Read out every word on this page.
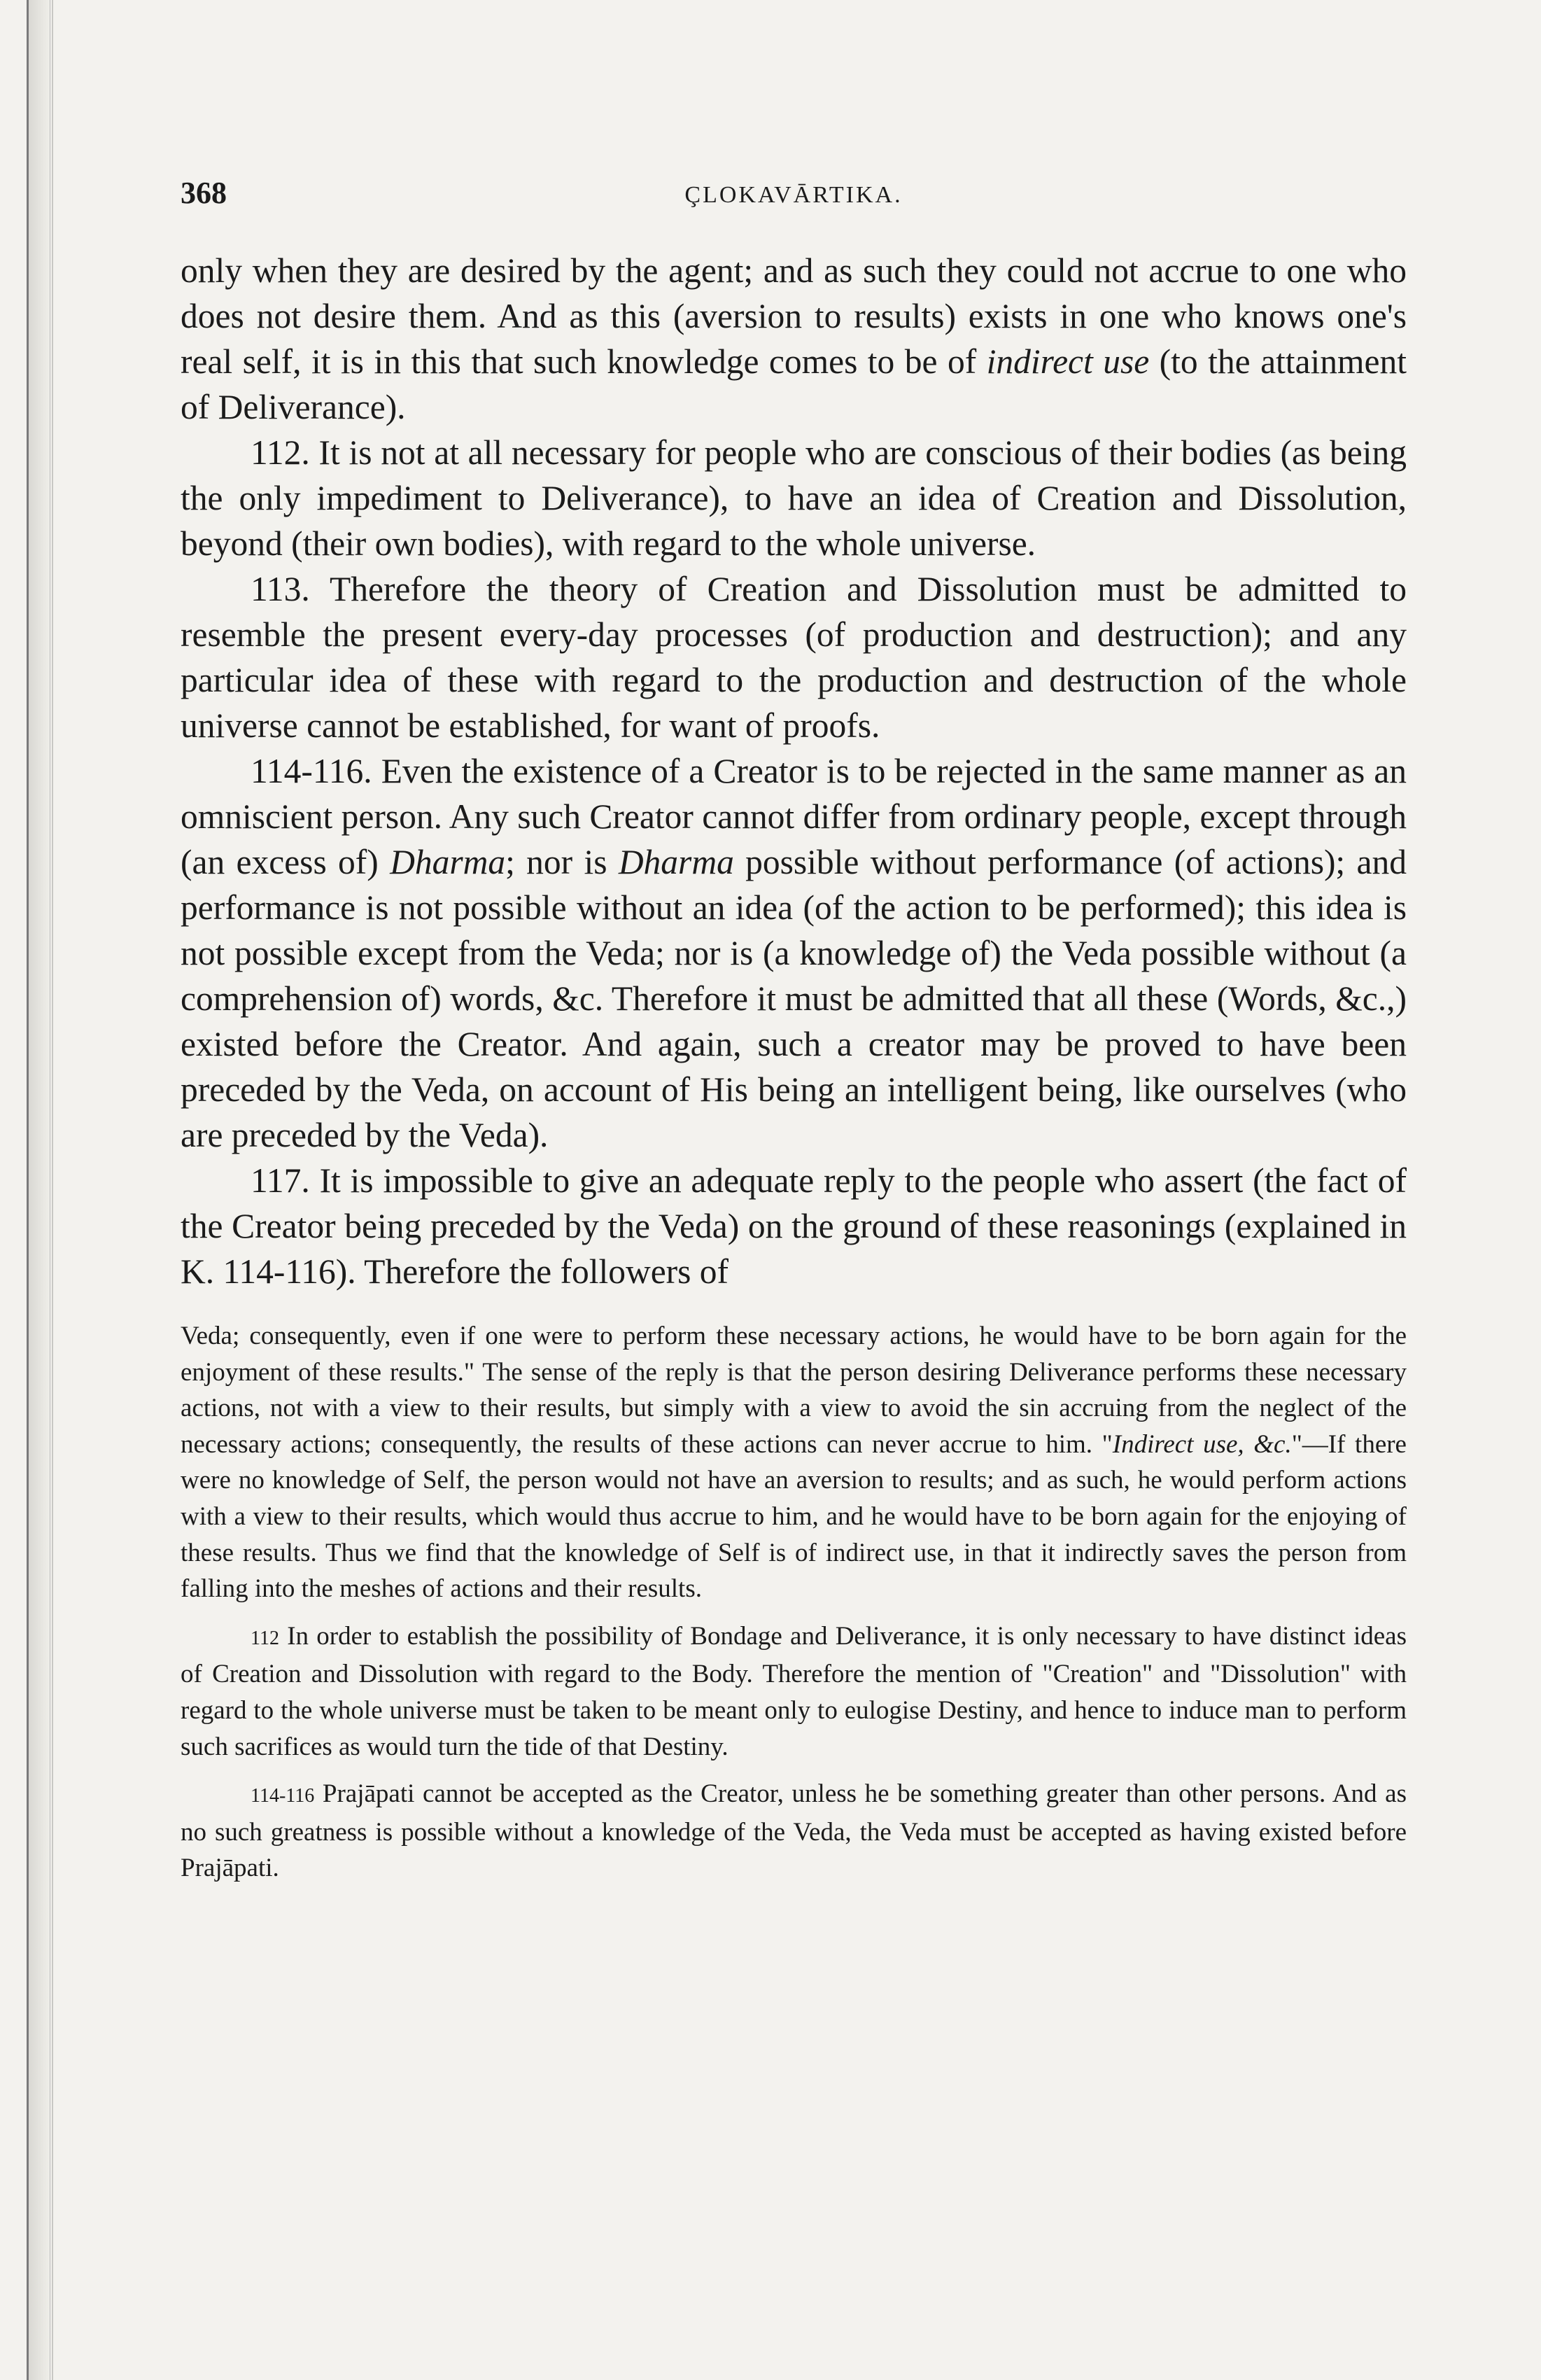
368	ÇLOKAVĀRTIKA.

only when they are desired by the agent; and as such they could not accrue to one who does not desire them. And as this (aversion to results) exists in one who knows one's real self, it is in this that such knowledge comes to be of indirect use (to the attainment of Deliverance).

112. It is not at all necessary for people who are conscious of their bodies (as being the only impediment to Deliverance), to have an idea of Creation and Dissolution, beyond (their own bodies), with regard to the whole universe.

113. Therefore the theory of Creation and Dissolution must be admitted to resemble the present every-day processes (of production and destruction); and any particular idea of these with regard to the production and destruction of the whole universe cannot be established, for want of proofs.

114-116. Even the existence of a Creator is to be rejected in the same manner as an omniscient person. Any such Creator cannot differ from ordinary people, except through (an excess of) Dharma; nor is Dharma possible without performance (of actions); and performance is not possible without an idea (of the action to be performed); this idea is not possible except from the Veda; nor is (a knowledge of) the Veda possible without (a comprehension of) words, &c. Therefore it must be admitted that all these (Words, &c.,) existed before the Creator. And again, such a creator may be proved to have been preceded by the Veda, on account of His being an intelligent being, like ourselves (who are preceded by the Veda).

117. It is impossible to give an adequate reply to the people who assert (the fact of the Creator being preceded by the Veda) on the ground of these reasonings (explained in K. 114-116). Therefore the followers of

Veda; consequently, even if one were to perform these necessary actions, he would have to be born again for the enjoyment of these results." The sense of the reply is that the person desiring Deliverance performs these necessary actions, not with a view to their results, but simply with a view to avoid the sin accruing from the neglect of the necessary actions; consequently, the results of these actions can never accrue to him. "Indirect use, &c."—If there were no knowledge of Self, the person would not have an aversion to results; and as such, he would perform actions with a view to their results, which would thus accrue to him, and he would have to be born again for the enjoying of these results. Thus we find that the knowledge of Self is of indirect use, in that it indirectly saves the person from falling into the meshes of actions and their results.

112 In order to establish the possibility of Bondage and Deliverance, it is only necessary to have distinct ideas of Creation and Dissolution with regard to the Body. Therefore the mention of "Creation" and "Dissolution" with regard to the whole universe must be taken to be meant only to eulogise Destiny, and hence to induce man to perform such sacrifices as would turn the tide of that Destiny.

114-116 Prajāpati cannot be accepted as the Creator, unless he be something greater than other persons. And as no such greatness is possible without a knowledge of the Veda, the Veda must be accepted as having existed before Prajāpati.
